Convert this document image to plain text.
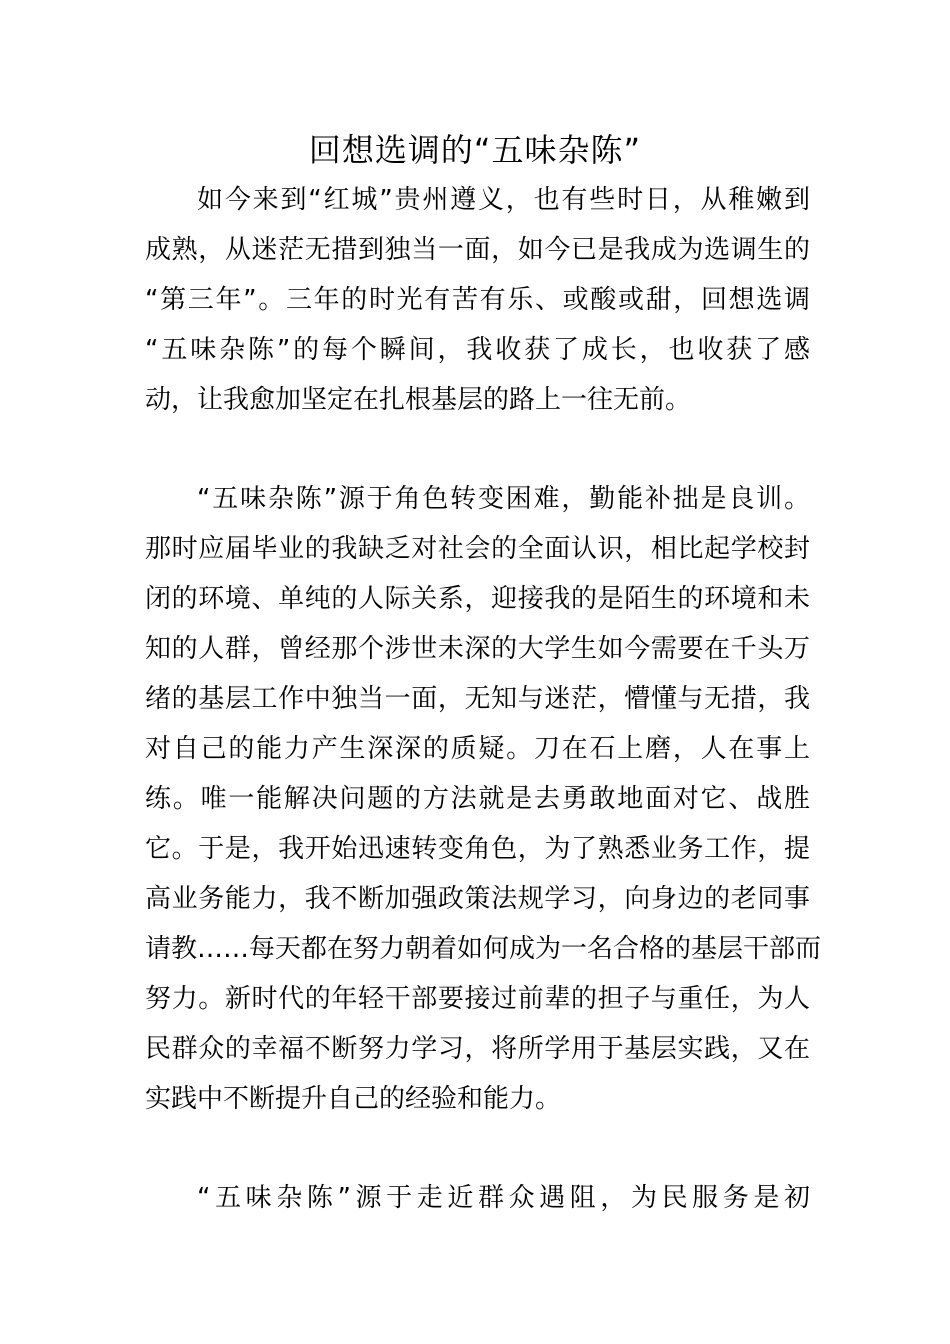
回想选调的“五味杂陈”
如今来到“红城”贵州遵义，也有些时日，从稚嫩到
成熟，从迷茫无措到独当一面，如今已是我成为选调生的
“第三年”。三年的时光有苦有乐、或酸或甜，回想选调
“五味杂陈”的每个瞬间，我收获了成长，也收获了感
动，让我愈加坚定在扎根基层的路上一往无前。
“五味杂陈”源于角色转变困难，勤能补拙是良训。
那时应届毕业的我缺乏对社会的全面认识，相比起学校封
闭的环境、单纯的人际关系，迎接我的是陌生的环境和未
知的人群，曾经那个涉世未深的大学生如今需要在千头万
绪的基层工作中独当一面，无知与迷茫，懵懂与无措，我
对自己的能力产生深深的质疑。刀在石上磨，人在事上
练。唯一能解决问题的方法就是去勇敢地面对它、战胜
它。于是，我开始迅速转变角色，为了熟悉业务工作，提
高业务能力，我不断加强政策法规学习，向身边的老同事
请教……每天都在努力朝着如何成为一名合格的基层干部而
努力。新时代的年轻干部要接过前辈的担子与重任，为人
民群众的幸福不断努力学习，将所学用于基层实践，又在
实践中不断提升自己的经验和能力。
“五味杂陈”源于走近群众遇阻，为民服务是初
